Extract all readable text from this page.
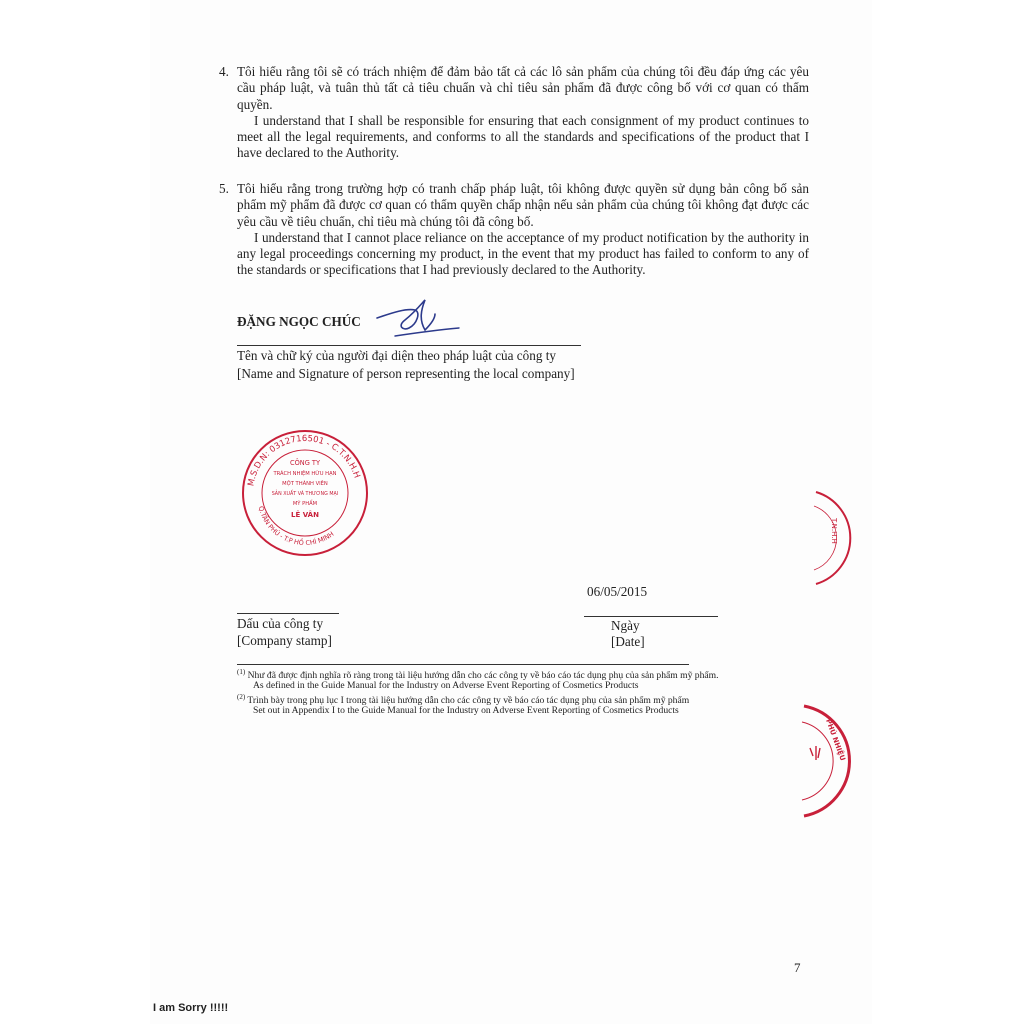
4. Tôi hiểu rằng tôi sẽ có trách nhiệm để đảm bảo tất cả các lô sản phẩm của chúng tôi đều đáp ứng các yêu cầu pháp luật, và tuân thủ tất cả tiêu chuẩn và chỉ tiêu sản phẩm đã được công bố với cơ quan có thẩm quyền.
I understand that I shall be responsible for ensuring that each consignment of my product continues to meet all the legal requirements, and conforms to all the standards and specifications of the product that I have declared to the Authority.
5. Tôi hiểu rằng trong trường hợp có tranh chấp pháp luật, tôi không được quyền sử dụng bản công bố sản phẩm mỹ phẩm đã được cơ quan có thẩm quyền chấp nhận nếu sản phẩm của chúng tôi không đạt được các yêu cầu về tiêu chuẩn, chỉ tiêu mà chúng tôi đã công bố.
I understand that I cannot place reliance on the acceptance of my product notification by the authority in any legal proceedings concerning my product, in the event that my product has failed to conform to any of the standards or specifications that I had previously declared to the Authority.
ĐẶNG NGỌC CHÚC
Tên và chữ ký của người đại diện theo pháp luật của công ty
[Name and Signature of person representing the local company]
M.S.D.N: 0312716501 - C.T.N.H.H
CÔNG TY
TRÁCH NHIỆM HỮU HẠN
MỘT THÀNH VIÊN
SẢN XUẤT VÀ THƯƠNG MẠI
MỸ PHẨM
LÊ VÂN
Q.TÂN PHÚ - T.P HỒ CHÍ MINH	T.N.H.H
PHÚ NHIỆU
06/05/2015
Ngày
[Date]
Dấu của công ty
[Company stamp]
$^{(1)}$ Như đã được định nghĩa rõ ràng trong tài liệu hướng dẫn cho các công ty về báo cáo tác dụng phụ của sản phẩm mỹ phẩm.
As defined in the Guide Manual for the Industry on Adverse Event Reporting of Cosmetics Products
$^{(2)}$ Trình bày trong phụ lục I trong tài liệu hướng dẫn cho các công ty về báo cáo tác dụng phụ của sản phẩm mỹ phẩm
Set out in Appendix I to the Guide Manual for the Industry on Adverse Event Reporting of Cosmetics Products
7
I am Sorry !!!!!
